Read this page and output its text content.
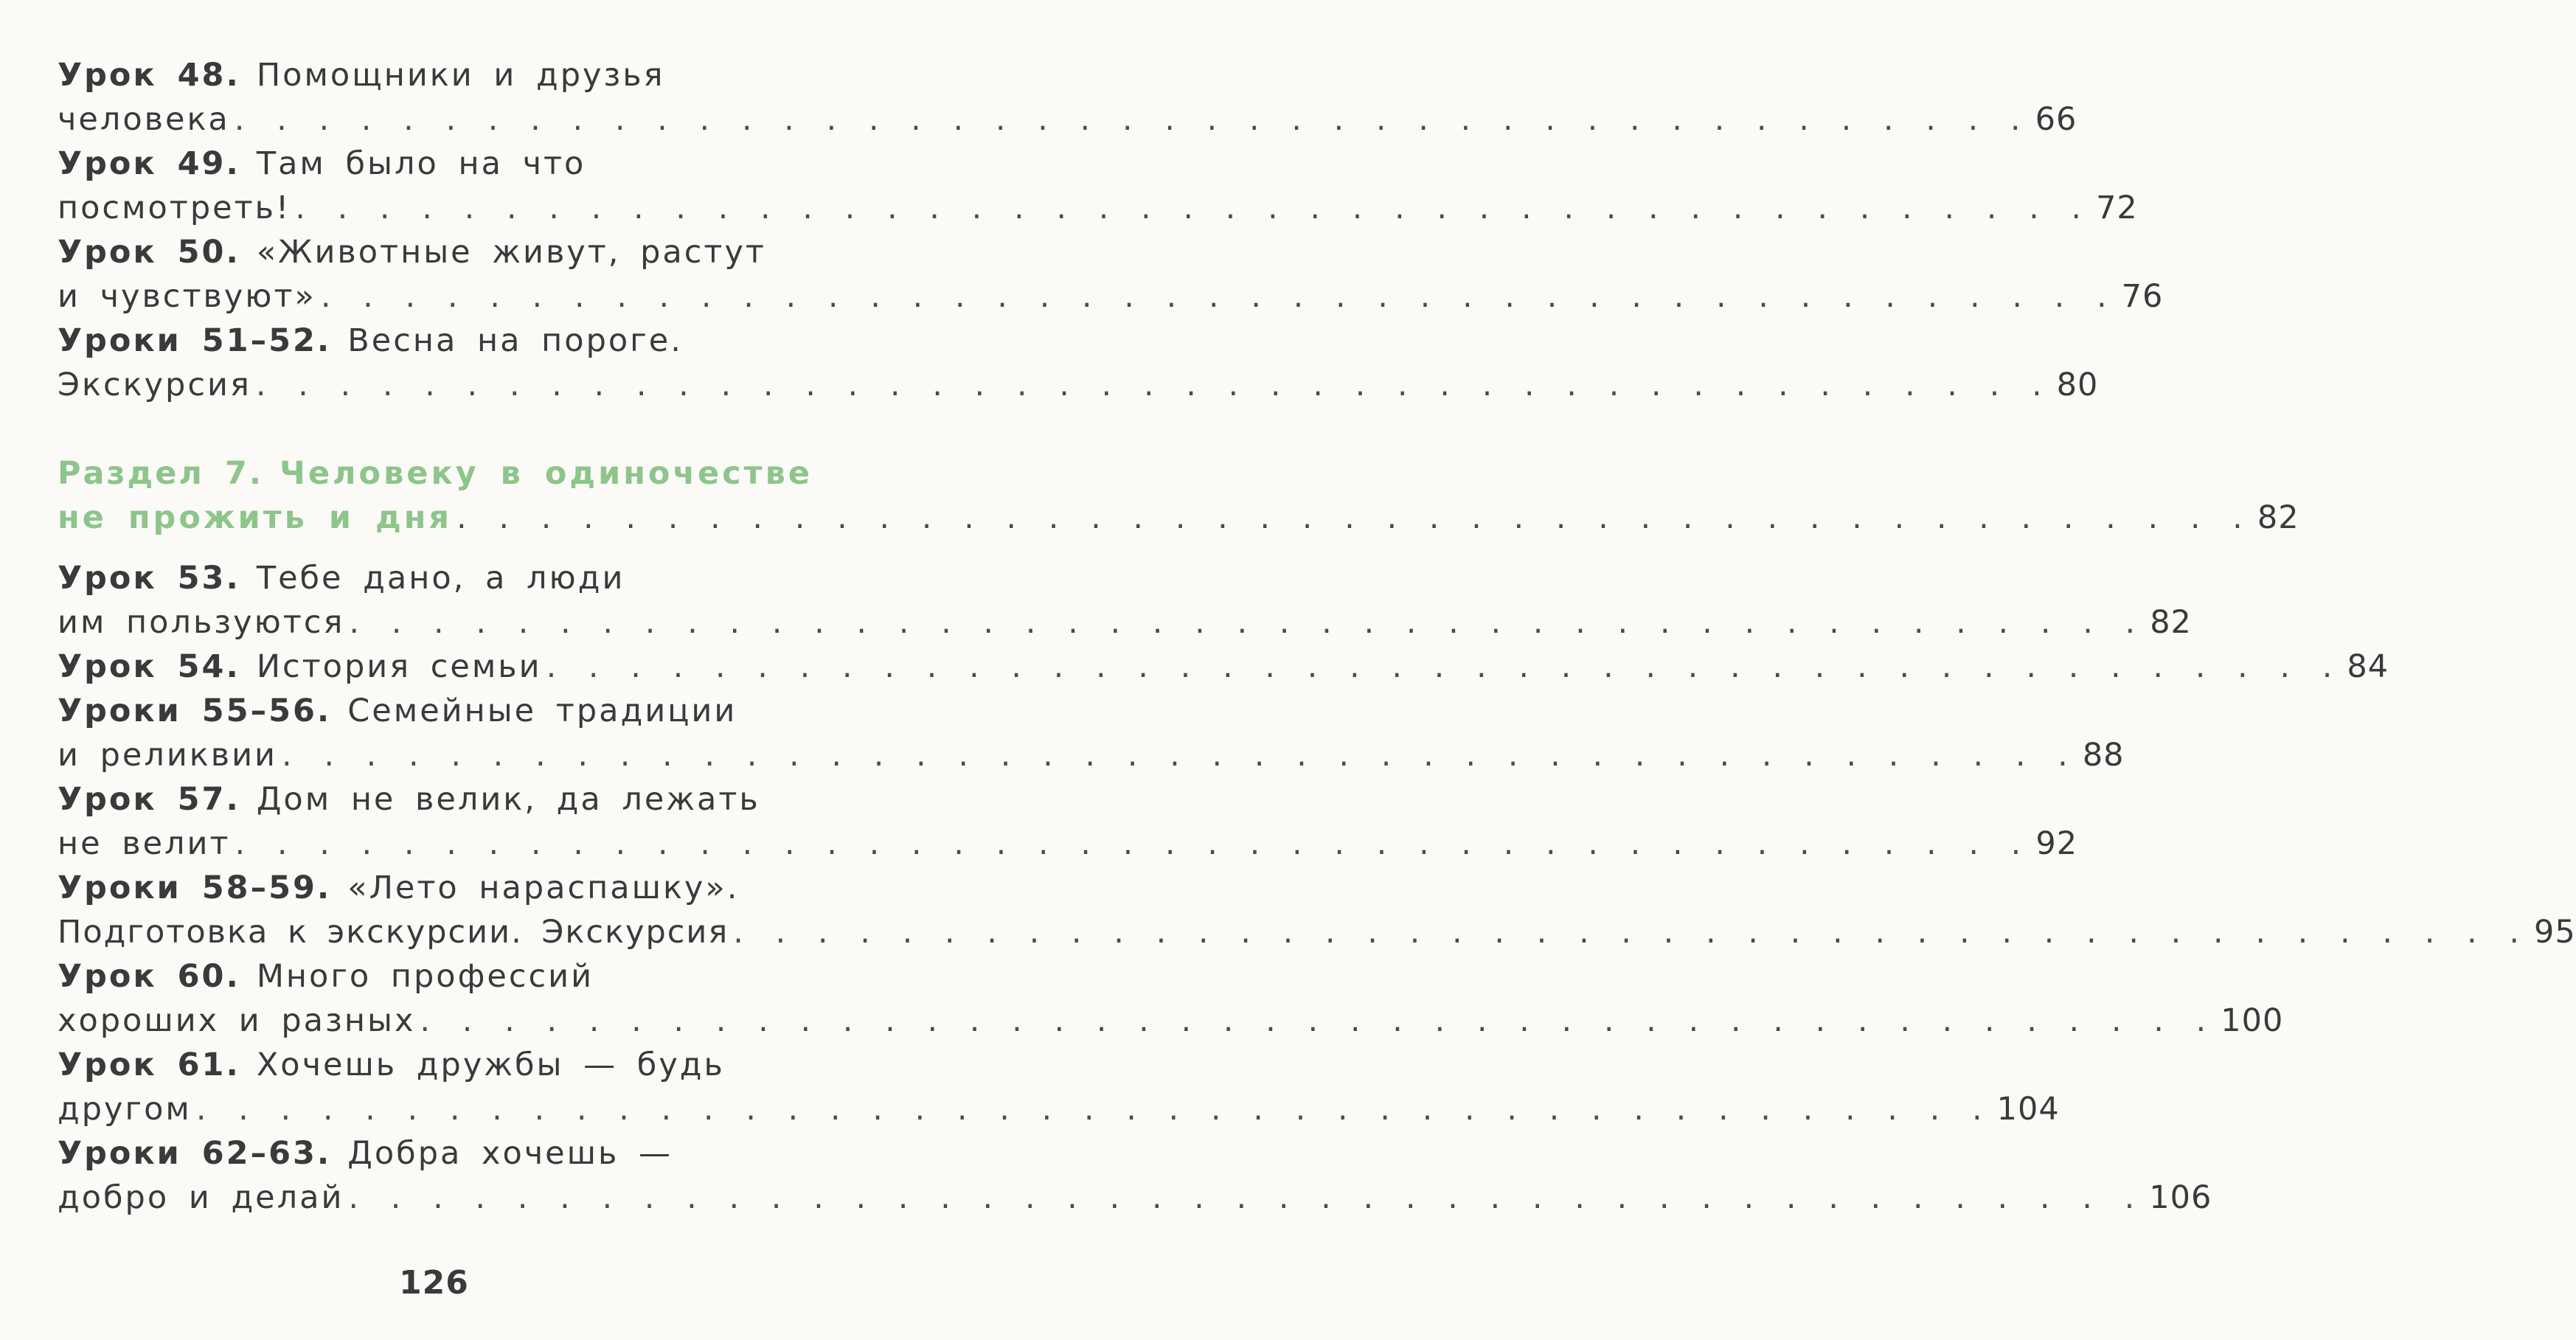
Урок 48. Помощники и друзья
человека . . . . . . . . . . . . . . . . . . . . . . . . . . . . . . . . . . . . . . . . . . . 66
Урок 49. Там было на что
посмотреть! . . . . . . . . . . . . . . . . . . . . . . . . . . . . . . . . . . . . . . . . . . . 72
Урок 50. «Животные живут, растут
и чувствуют» . . . . . . . . . . . . . . . . . . . . . . . . . . . . . . . . . . . . . . . . . . . 76
Уроки 51–52. Весна на пороге.
Экскурсия . . . . . . . . . . . . . . . . . . . . . . . . . . . . . . . . . . . . . . . . . . . 80
Раздел 7. Человеку в одиночестве
не прожить и дня . . . . . . . . . . . . . . . . . . . . . . . . . . . . . . . . . . . . . . . . . . . 82
Урок 53. Тебе дано, а люди
им пользуются . . . . . . . . . . . . . . . . . . . . . . . . . . . . . . . . . . . . . . . . . . . 82
Урок 54. История семьи . . . . . . . . . . . . . . . . . . . . . . . . . . . . . . . . . . . . . . . . . . . 84
Уроки 55–56. Семейные традиции
и реликвии . . . . . . . . . . . . . . . . . . . . . . . . . . . . . . . . . . . . . . . . . . . 88
Урок 57. Дом не велик, да лежать
не велит . . . . . . . . . . . . . . . . . . . . . . . . . . . . . . . . . . . . . . . . . . . 92
Уроки 58–59. «Лето нараспашку».
Подготовка к экскурсии. Экскурсия . . . . . . . . . . . . . . . . . . . . . . . . . . . . . . . . . . . . . . . . . . . 95
Урок 60. Много профессий
хороших и разных . . . . . . . . . . . . . . . . . . . . . . . . . . . . . . . . . . . . . . . . . . . 100
Урок 61. Хочешь дружбы — будь
другом . . . . . . . . . . . . . . . . . . . . . . . . . . . . . . . . . . . . . . . . . . . 104
Уроки 62–63. Добра хочешь —
добро и делай . . . . . . . . . . . . . . . . . . . . . . . . . . . . . . . . . . . . . . . . . . . 106
126
